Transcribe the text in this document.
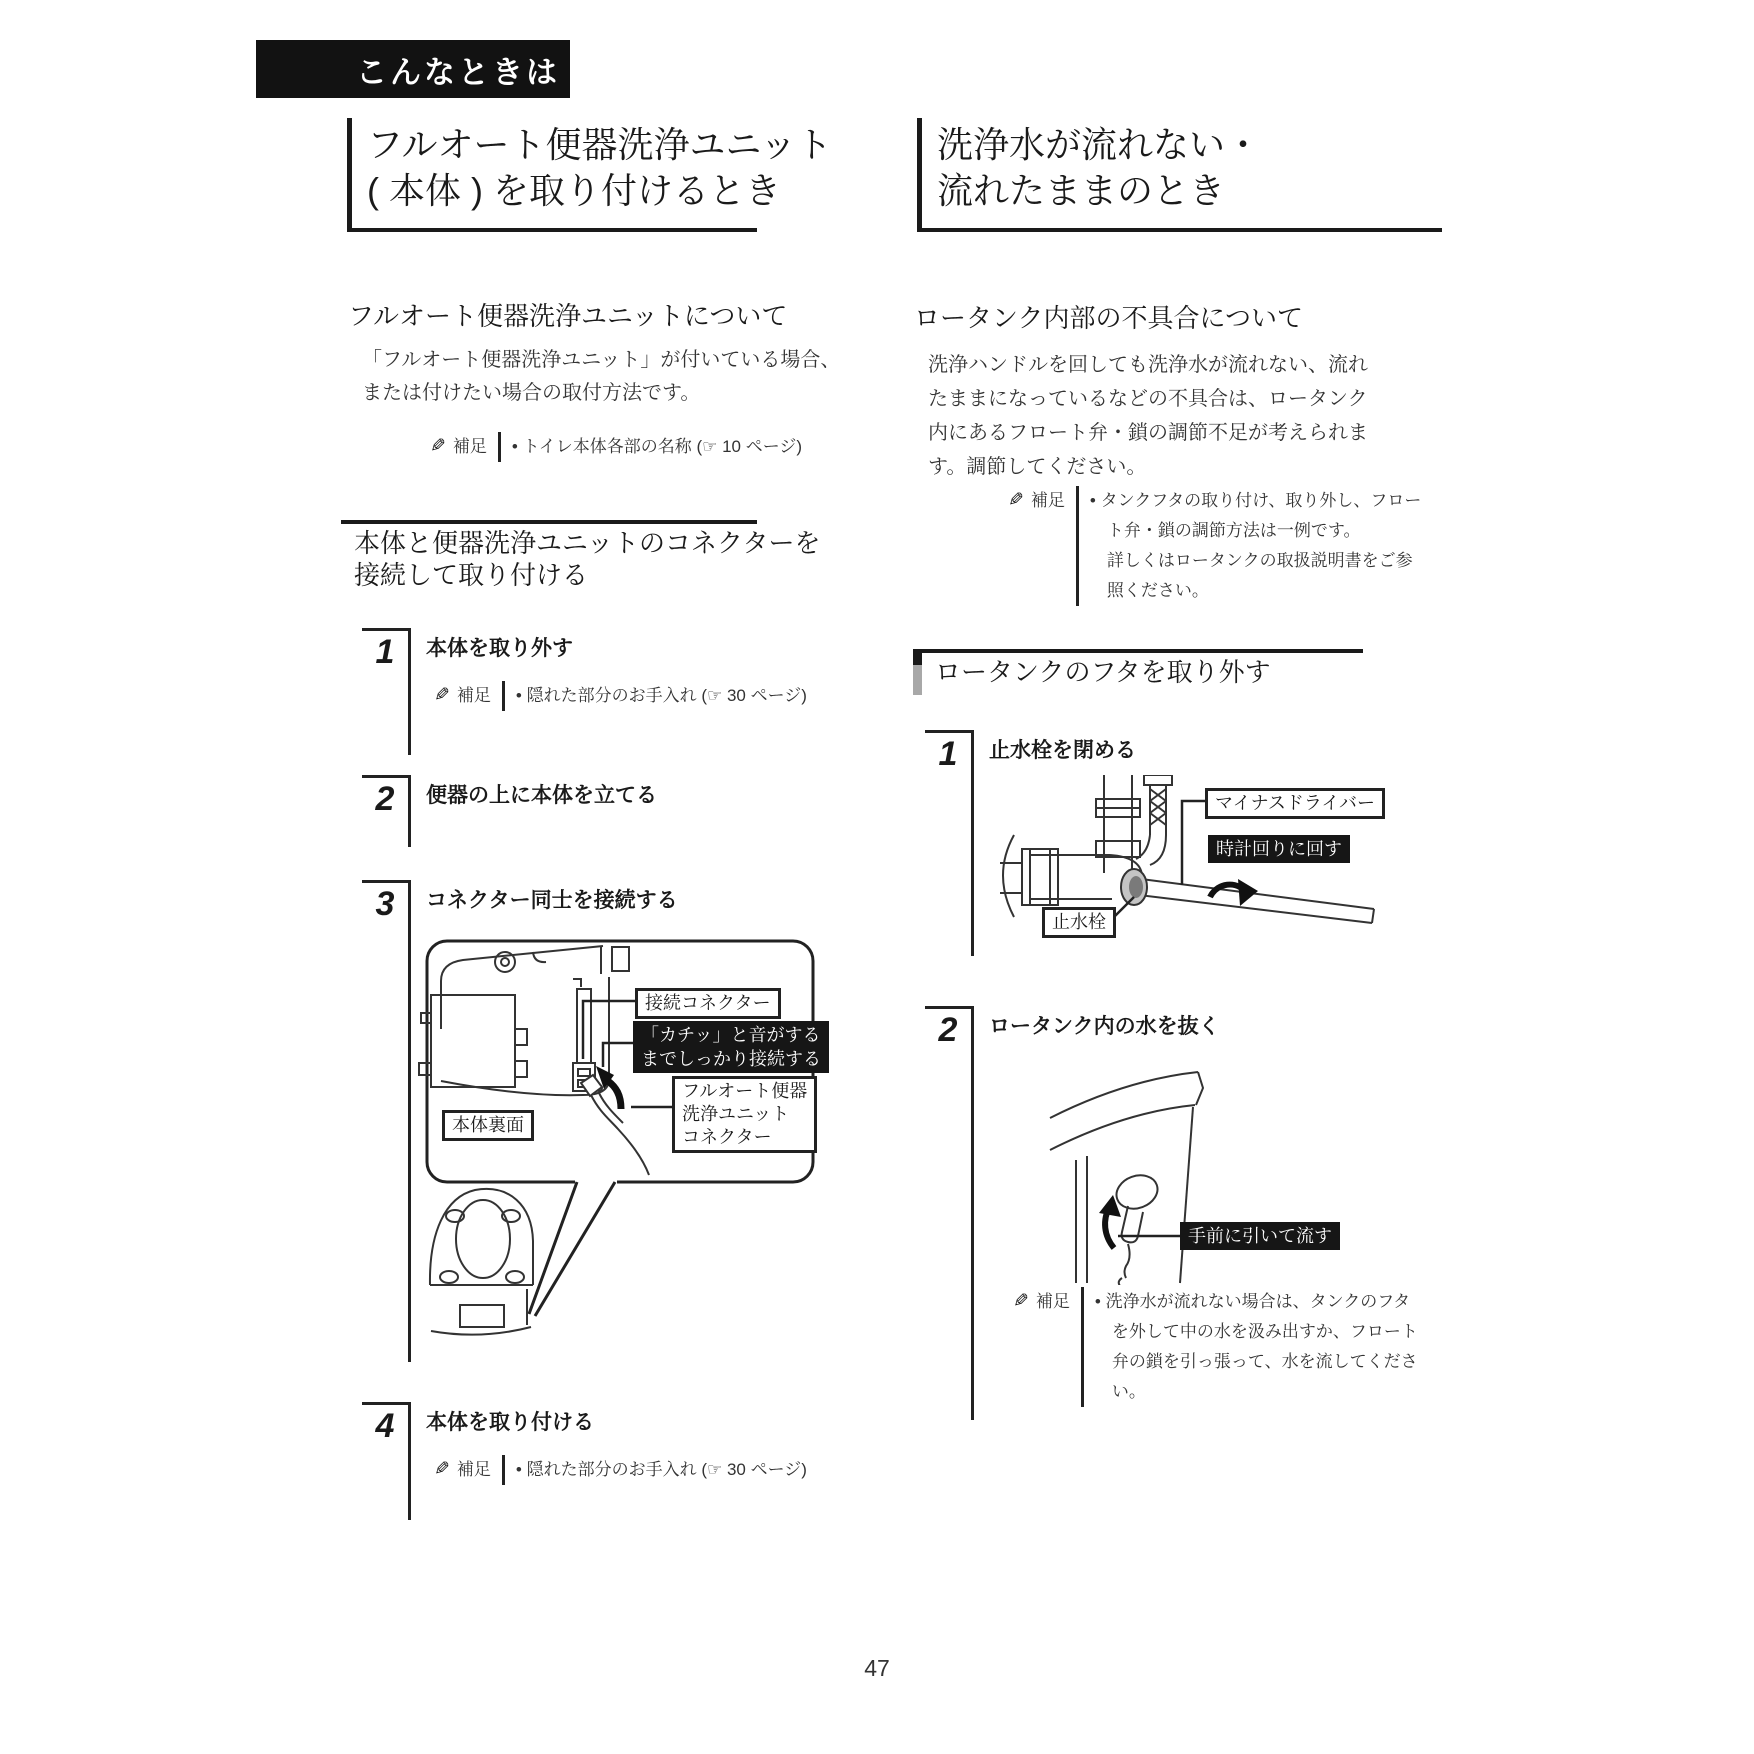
こんなときは
フルオート便器洗浄ユニット
( 本体 ) を取り付けるとき
フルオート便器洗浄ユニットについて
「フルオート便器洗浄ユニット」が付いている場合、
または付けたい場合の取付方法です。
✎ 補足 • トイレ本体各部の名称 (☞ 10 ページ)
本体と便器洗浄ユニットのコネクターを
接続して取り付ける
1	本体を取り外す
✎ 補足 • 隠れた部分のお手入れ (☞ 30 ページ)
2	便器の上に本体を立てる
3	コネクター同士を接続する
接続コネクター
「カチッ」と音がする
までしっかり接続する
フルオート便器
洗浄ユニット
コネクター
本体裏面
4	本体を取り付ける
✎ 補足 • 隠れた部分のお手入れ (☞ 30 ページ)
洗浄水が流れない・
流れたままのとき
ロータンク内部の不具合について
洗浄ハンドルを回しても洗浄水が流れない、流れ
たままになっているなどの不具合は、ロータンク
内にあるフロート弁・鎖の調節不足が考えられま
す。調節してください。
✎ 補足 • タンクフタの取り付け、取り外し、フロー
ト弁・鎖の調節方法は一例です。
詳しくはロータンクの取扱説明書をご参
照ください。
ロータンクのフタを取り外す
1	止水栓を閉める
マイナスドライバー
時計回りに回す
止水栓
2	ロータンク内の水を抜く
✎ 補足 • 洗浄水が流れない場合は、タンクのフタ
を外して中の水を汲み出すか、フロート
弁の鎖を引っ張って、水を流してくださ
い。
手前に引いて流す
47
